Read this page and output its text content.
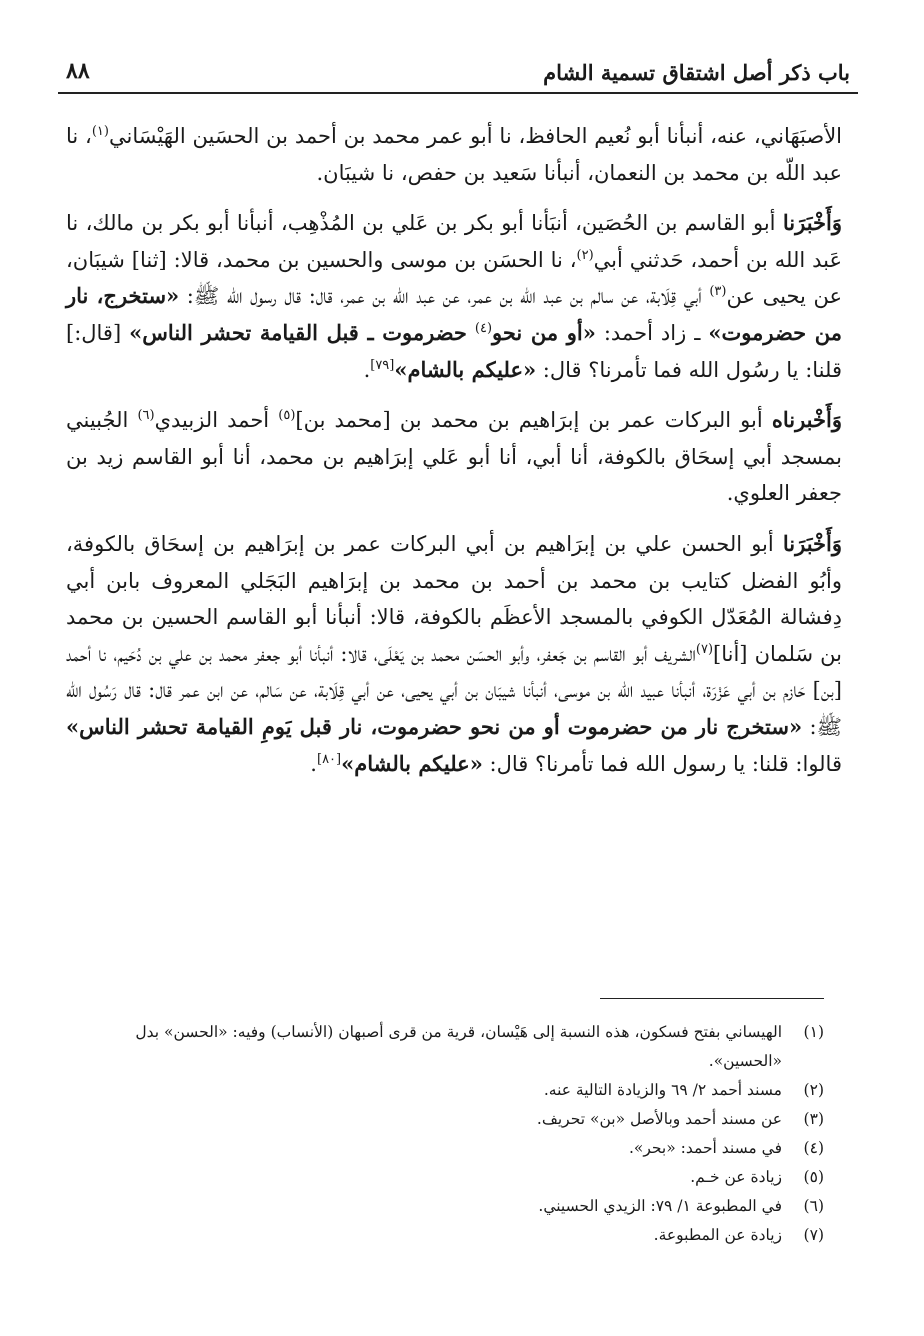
باب ذكر أصل اشتقاق تسمية الشام
٨٨

الأصبَهَاني، عنه، أنبأنا أبو نُعيم الحافظ، نا أبو عمر محمد بن أحمد بن الحسَين الهَيْسَاني$^{(١)}$، نا عبد اللّه بن محمد بن النعمان، أنبأنا سَعيد بن حفص، نا شيبَان.

وَأَخْبَرَنا أبو القاسم بن الحُصَين، أنبَأنا أبو بكر بن عَلي بن المُذْهِب، أنبأنا أبو بكر بن مالك، نا عَبد الله بن أحمد، حَدثني أبي$^{(٢)}$، نا الحسَن بن موسى والحسين بن محمد، قالا: [ثنا] شيبَان، عن يحيى عن$^{(٣)}$ أبي قِلَابة، عن سالم بن عبد اللّه بن عمر، عن عبد اللّه بن عمر، قال: قال رسول الله ﷺ: «ستخرج، نار من حضرموت» ـ زاد أحمد: «أو من نحو$^{(٤)}$ حضرموت ـ قبل القيامة تحشر الناس» [قال:] قلنا: يا رسُول الله فما تأمرنا؟ قال: «عليكم بالشام»[٧٩].

وَأَخْبرناه أبو البركات عمر بن إبرَاهيم بن محمد بن [محمد بن]$^{(٥)}$ أحمد الزبيدي$^{(٦)}$ الجُبيني بمسجد أبي إسحَاق بالكوفة، أنا أبي، أنا أبو عَلي إبرَاهيم بن محمد، أنا أبو القاسم زيد بن جعفر العلوي.

وَأَخْبَرَنا أبو الحسن علي بن إبرَاهيم بن أبي البركات عمر بن إبرَاهيم بن إسحَاق بالكوفة، وأبُو الفضل كتايب بن محمد بن أحمد بن محمد بن إبرَاهيم البَجَلي المعروف بابن أبي دِفشالة المُعَدّل الكوفي بالمسجد الأعظَم بالكوفة، قالا: أنبأنا أبو القاسم الحسين بن محمد بن سَلمان [أنا]$^{(٧)}$الشريف أبو القاسم بن جَعفر، وأبو الحسَن محمد بن يَعْلَى، قالا: أنبأنا أبو جعفر محمد بن علي بن دُحَيم، نا أحمد [بن] حَازم بن أبي عَزْرَة، أنبأنا عبيد الله بن موسى، أنبأنا شيبَان بن أبي يحيى، عن أبي قِلَابة، عن سَالم، عن ابن عمر قال: قال رَسُول الله ﷺ: «ستخرج نار من حضرموت أو من نحو حضرموت، نار قبل يَومِ القيامة تحشر الناس» قالوا: قلنا: يا رسول الله فما تأمرنا؟ قال: «عليكم بالشام»[٨٠].

(١)
الهيساني بفتح فسكون، هذه النسبة إلى هَيْسان، قرية من قرى أصبهان (الأنساب) وفيه: «الحسن» بدل «الحسين».

(٢)
مسند أحمد ٢/ ٦٩ والزيادة التالية عنه.

(٣)
عن مسند أحمد وبالأصل «بن» تحريف.

(٤)
في مسند أحمد: «بحر».

(٥)
زيادة عن خـم.

(٦)
في المطبوعة ١/ ٧٩: الزيدي الحسيني.

(٧)
زيادة عن المطبوعة.
